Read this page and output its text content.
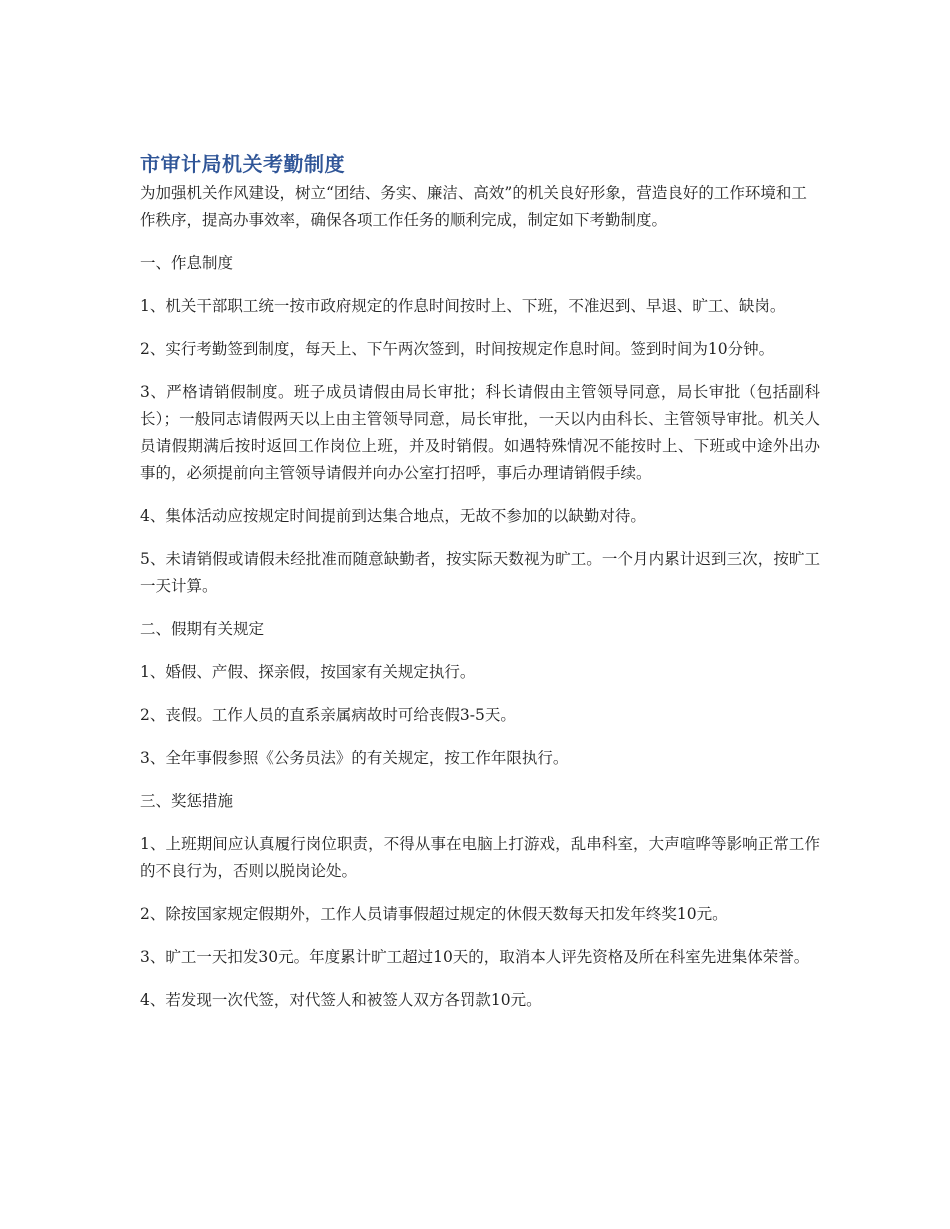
市审计局机关考勤制度

为加强机关作风建设，树立“团结、务实、廉洁、高效”的机关良好形象，营造良好的工作环境和工作秩序，提高办事效率，确保各项工作任务的顺利完成，制定如下考勤制度。

一、作息制度

1、机关干部职工统一按市政府规定的作息时间按时上、下班，不准迟到、早退、旷工、缺岗。

2、实行考勤签到制度，每天上、下午两次签到，时间按规定作息时间。签到时间为10分钟。

3、严格请销假制度。班子成员请假由局长审批；科长请假由主管领导同意，局长审批（包括副科长）；一般同志请假两天以上由主管领导同意，局长审批，一天以内由科长、主管领导审批。机关人员请假期满后按时返回工作岗位上班，并及时销假。如遇特殊情况不能按时上、下班或中途外出办事的，必须提前向主管领导请假并向办公室打招呼，事后办理请销假手续。

4、集体活动应按规定时间提前到达集合地点，无故不参加的以缺勤对待。

5、未请销假或请假未经批准而随意缺勤者，按实际天数视为旷工。一个月内累计迟到三次，按旷工一天计算。

二、假期有关规定

1、婚假、产假、探亲假，按国家有关规定执行。

2、丧假。工作人员的直系亲属病故时可给丧假3-5天。

3、全年事假参照《公务员法》的有关规定，按工作年限执行。

三、奖惩措施

1、上班期间应认真履行岗位职责，不得从事在电脑上打游戏，乱串科室，大声喧哗等影响正常工作的不良行为，否则以脱岗论处。

2、除按国家规定假期外，工作人员请事假超过规定的休假天数每天扣发年终奖10元。

3、旷工一天扣发30元。年度累计旷工超过10天的，取消本人评先资格及所在科室先进集体荣誉。

4、若发现一次代签，对代签人和被签人双方各罚款10元。
